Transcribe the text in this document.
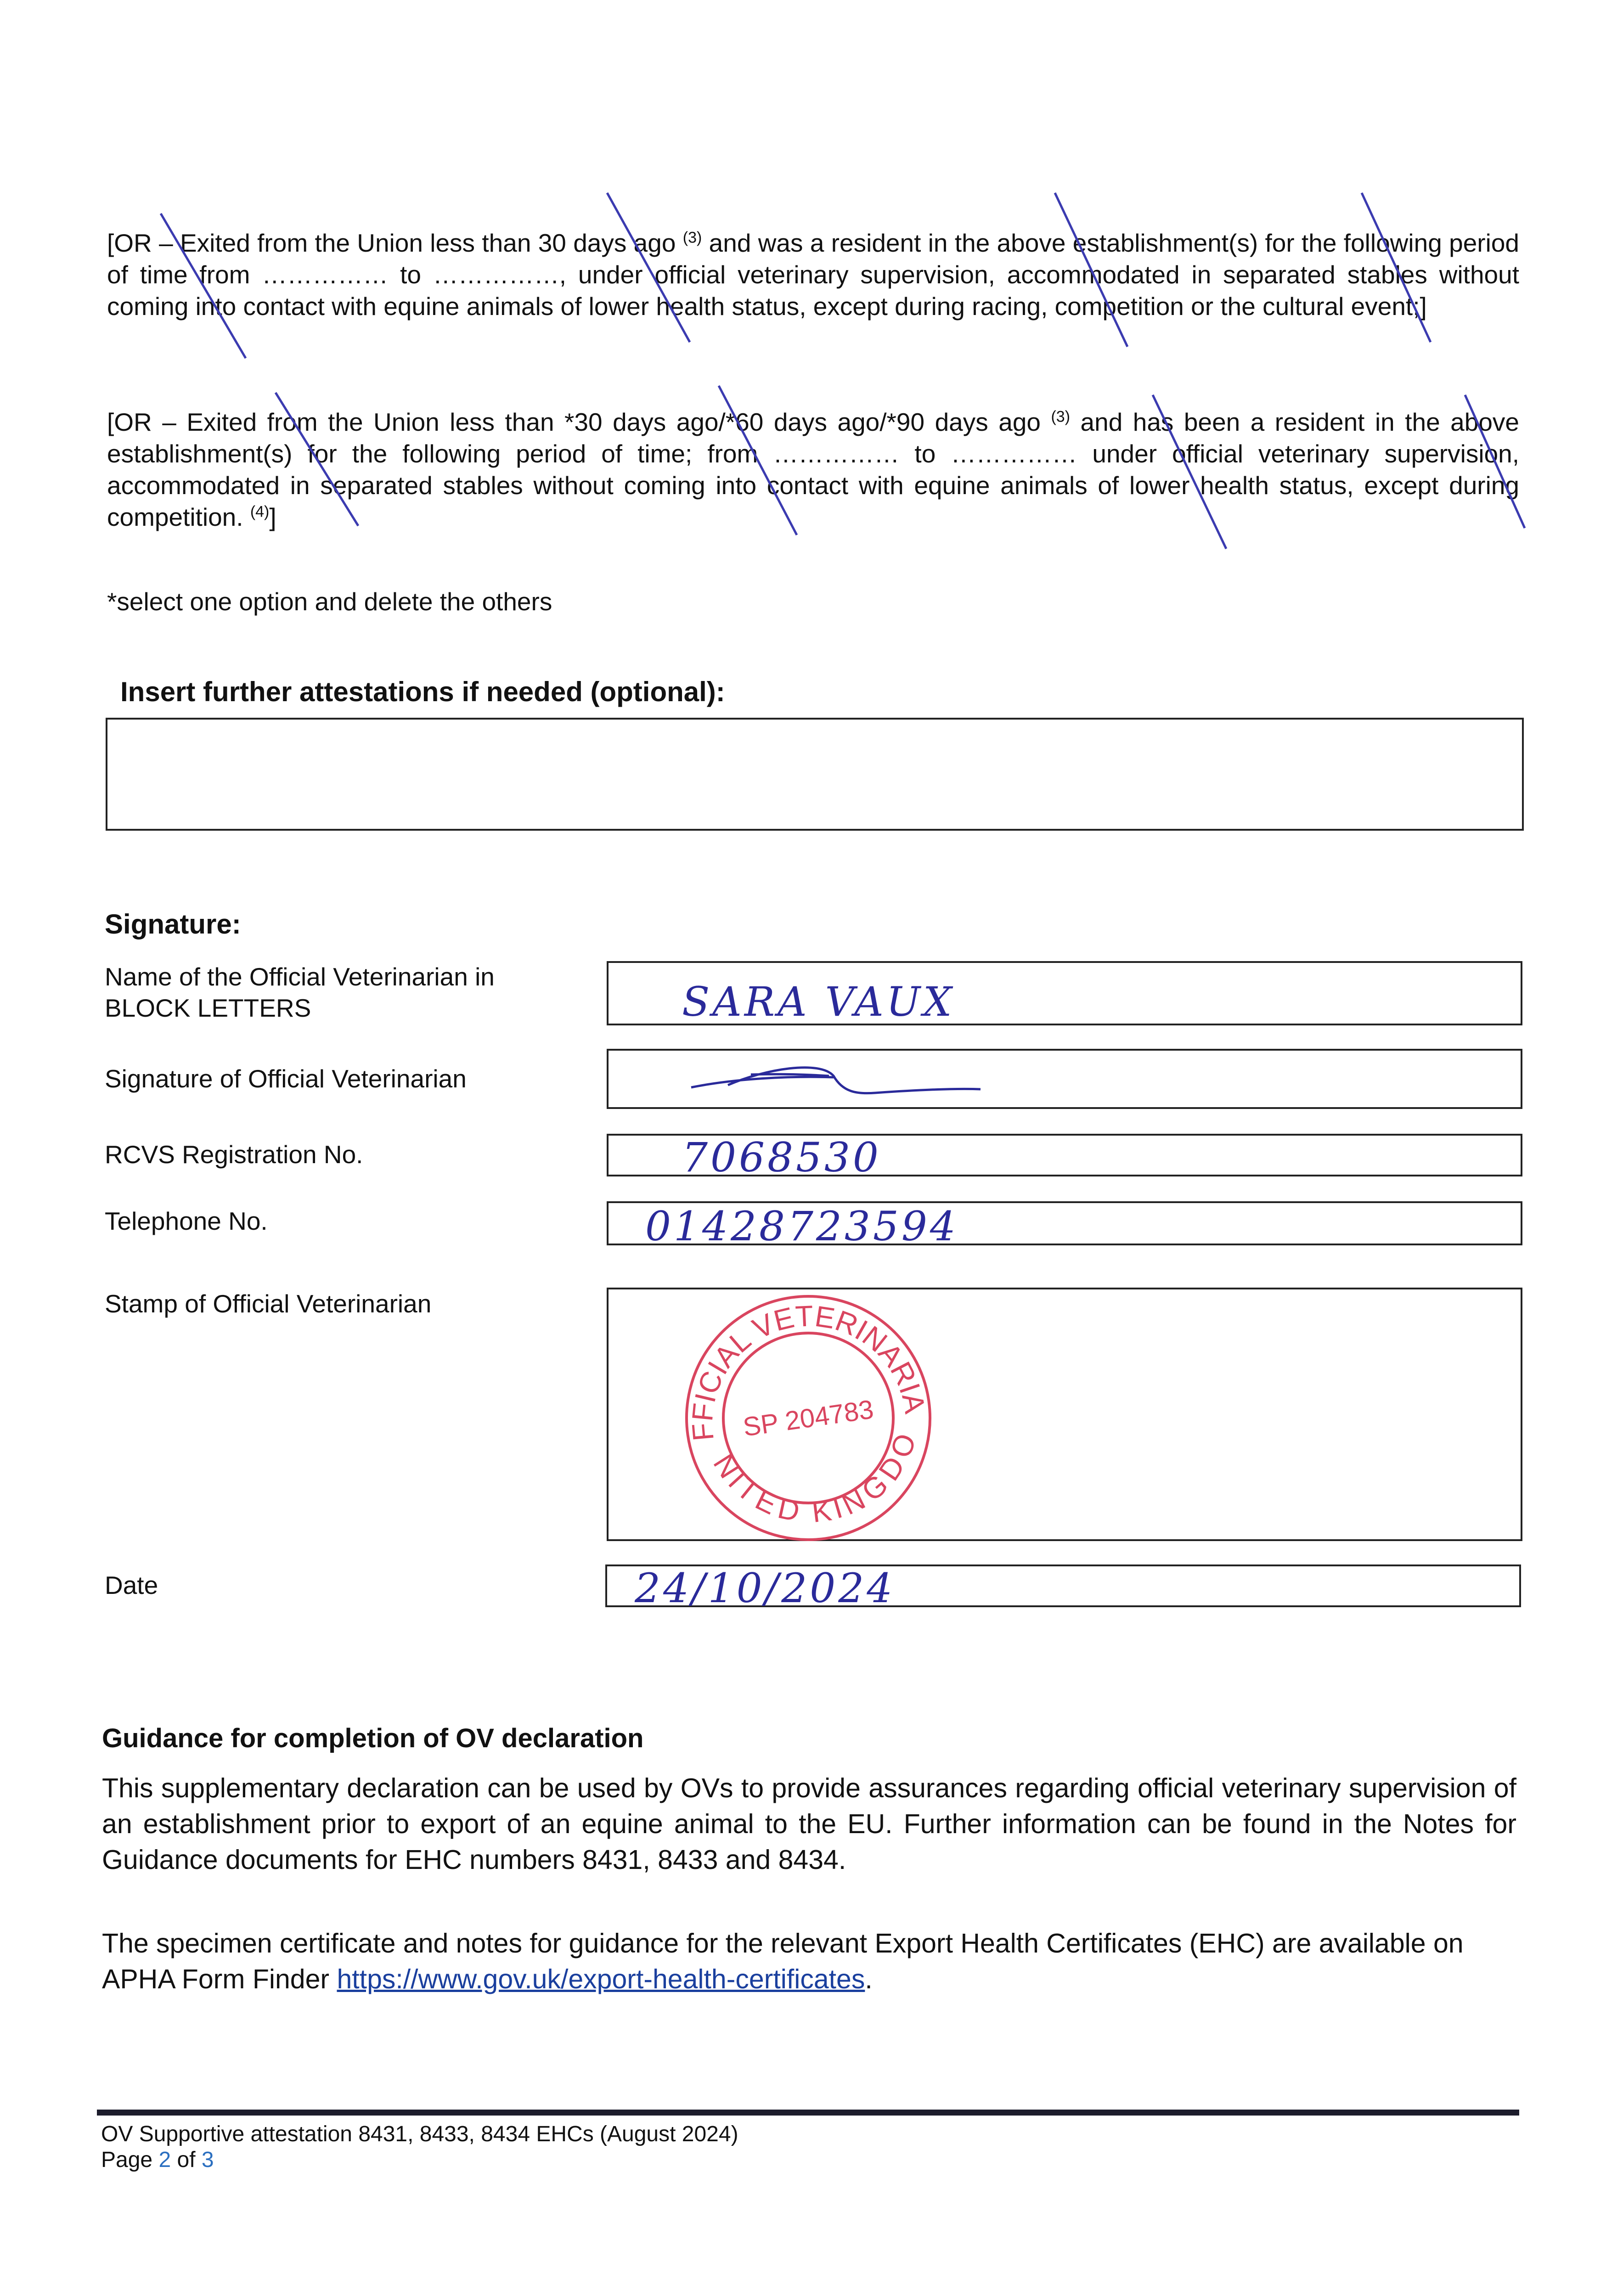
[OR – Exited from the Union less than 30 days ago $^{(3)}$ and was a resident in the above establishment(s) for the following period of time from …………… to ……………, under official veterinary supervision, accommodated in separated stables without coming into contact with equine animals of lower health status, except during racing, competition or the cultural event;]
[OR – Exited from the Union less than *30 days ago/*60 days ago/*90 days ago $^{(3)}$ and has been a resident in the above establishment(s) for the following period of time; from …………… to …………… under official veterinary supervision, accommodated in separated stables without coming into contact with equine animals of lower health status, except during competition. $^{(4)}$]
*select one option and delete the others
Insert further attestations if needed (optional):
Signature:
Name of the Official Veterinarian in
BLOCK LETTERS	SARA VAUX
Signature of Official Veterinarian
RCVS Registration No.	7068530
Telephone No.	01428723594
Stamp of Official Veterinarian	OFFICIAL VETERINARIAN
UNITED KINGDOM
SP 204783
Date	24/10/2024
Guidance for completion of OV declaration
This supplementary declaration can be used by OVs to provide assurances regarding official veterinary supervision of an establishment prior to export of an equine animal to the EU. Further information can be found in the Notes for Guidance documents for EHC numbers 8431, 8433 and 8434.
The specimen certificate and notes for guidance for the relevant Export Health Certificates (EHC) are available on APHA Form Finder https://www.gov.uk/export-health-certificates.
OV Supportive attestation 8431, 8433, 8434 EHCs (August 2024)
Page 2 of 3
